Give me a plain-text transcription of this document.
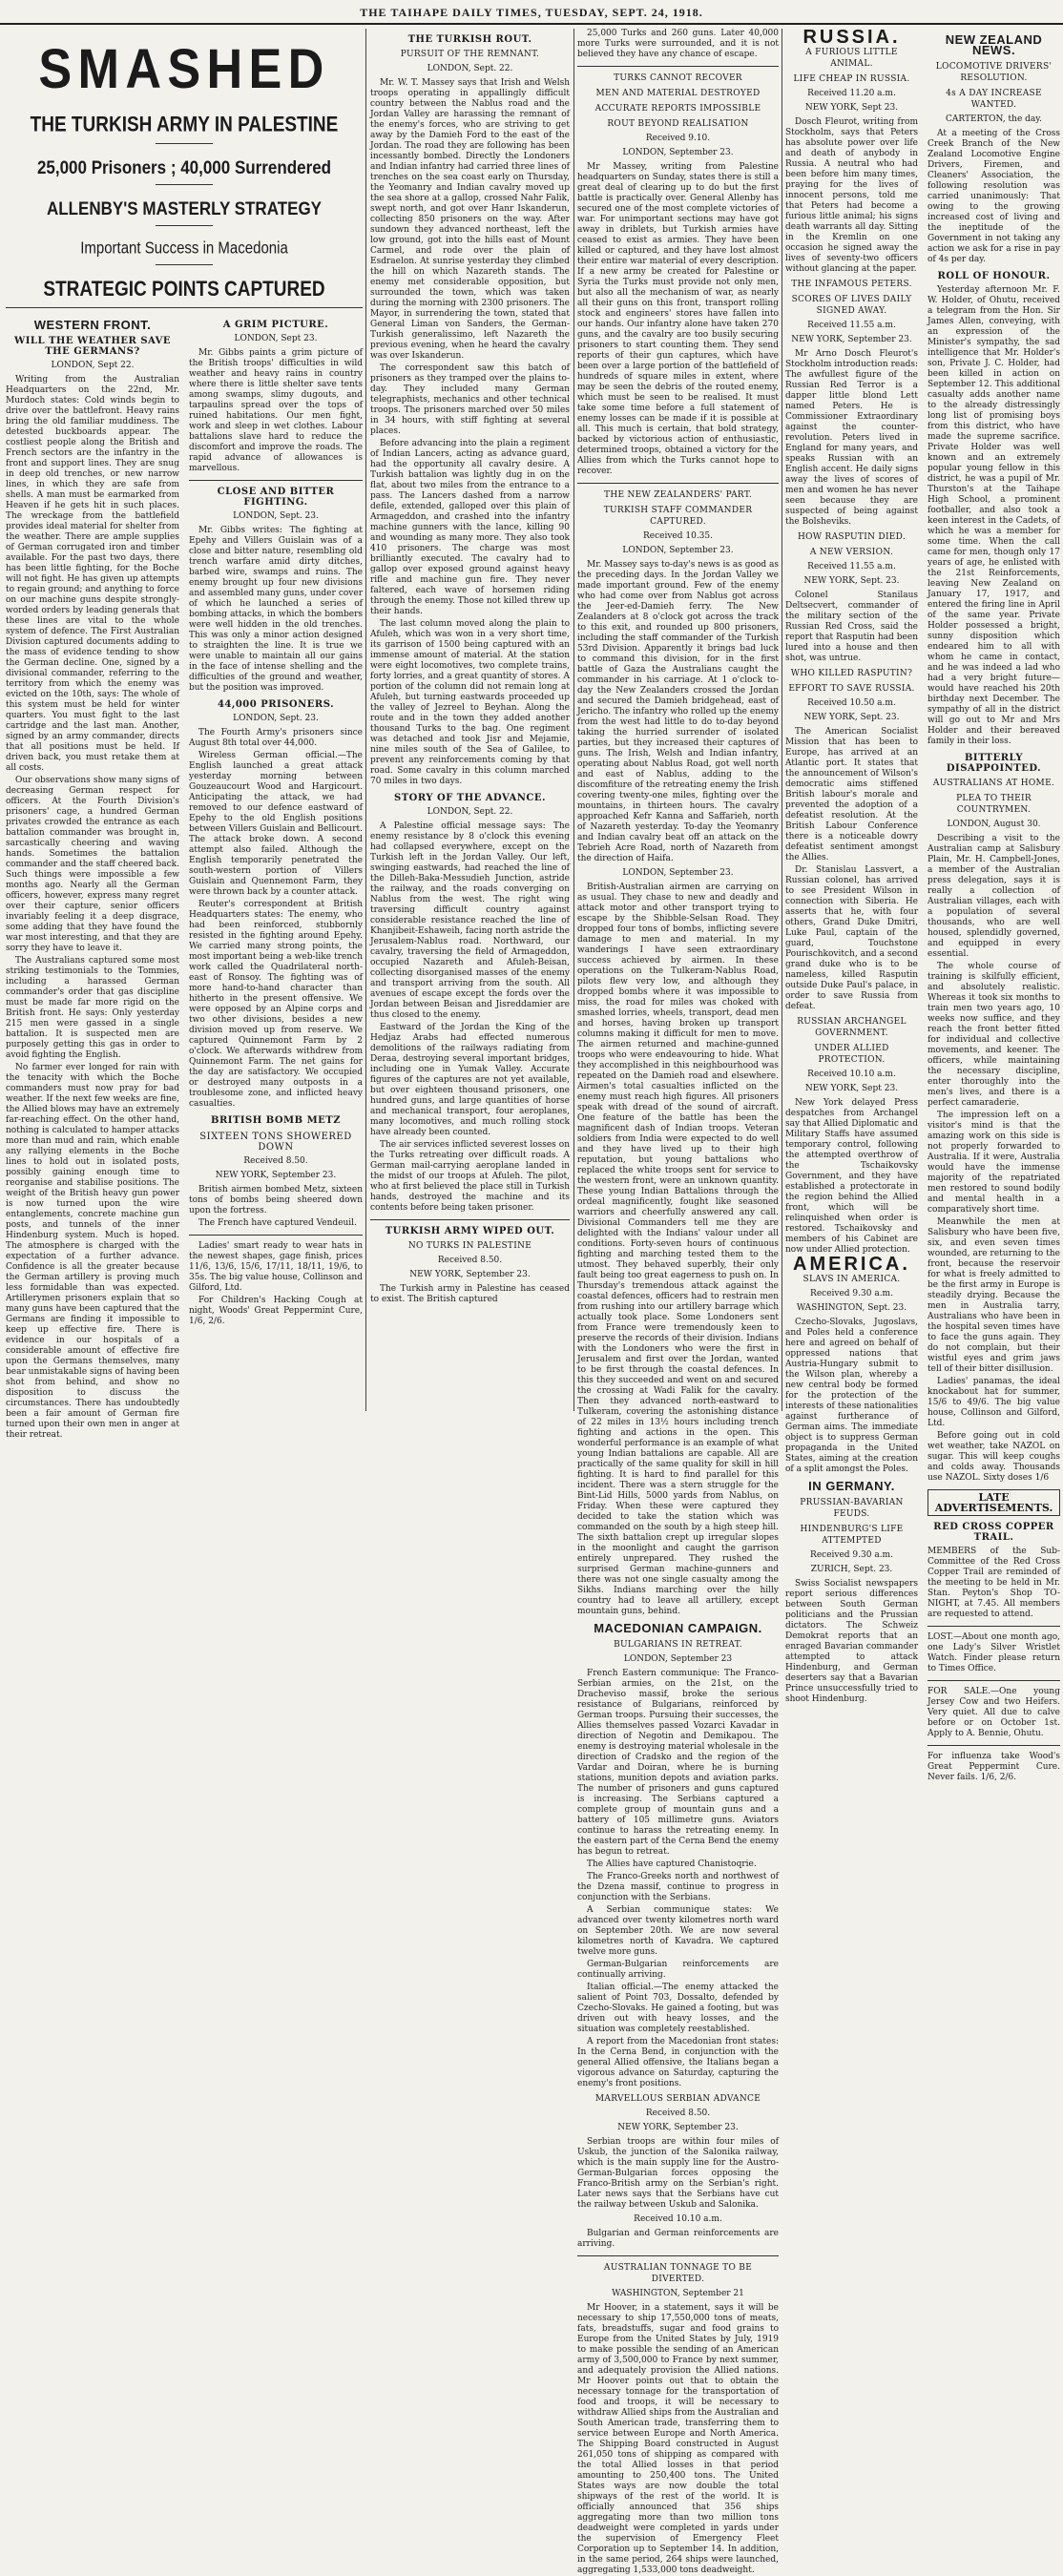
THE TAIHAPE DAILY TIMES, TUESDAY, SEPT. 24, 1918.
SMASHED
THE TURKISH ARMY IN PALESTINE
25,000 Prisoners ; 40,000 Surrendered
ALLENBY'S MASTERLY STRATEGY
Important Success in Macedonia
STRATEGIC POINTS CAPTURED
WESTERN FRONT.
WILL THE WEATHER SAVE THE GERMANS?
LONDON, Sept 22.

Writing from the Australian Headquarters on the 22nd, Mr. Murdoch states: Cold winds begin to drive over the battlefront. Heavy rains bring the old familiar muddiness. The detested buckboards appear. The costliest people along the British and French sectors are the infantry in the front and support lines. They are snug in deep old trenches, or new narrow lines, in which they are safe from shells. A man must be earmarked from Heaven if he gets hit in such places. The wreckage from the battlefield provides ideal material for shelter from the weather. There are ample supplies of German corrugated iron and timber available. For the past two days, there has been little fighting, for the Boche will not fight. He has given up attempts to regain ground; and anything to force on our machine guns despite strongly-worded orders by leading generals that these lines are vital to the whole system of defence. The First Australian Division captured documents adding to the mass of evidence tending to show the German decline. One, signed by a divisional commander, referring to the territory from which the enemy was evicted on the 10th, says: The whole of this system must be held for winter quarters. You must fight to the last cartridge and the last man. Another, signed by an army commander, directs that all positions must be held. If driven back, you must retake them at all costs.

Our observations show many signs of decreasing German respect for officers. At the Fourth Division's prisoners' cage, a hundred German privates crowded the entrance as each battalion commander was brought in, sarcastically cheering and waving hands. Sometimes the battalion commander and the staff cheered back. Such things were impossible a few months ago. Nearly all the German officers, however, express many regret over their capture, senior officers invariably feeling it a deep disgrace, some adding that they have found the war most interesting, and that they are sorry they have to leave it.

The Australians captured some most striking testimonials to the Tommies, including a harassed German commander's order that gas discipline must be made far more rigid on the British front. He says: Only yesterday 215 men were gassed in a single battalion. It is suspected men are purposely getting this gas in order to avoid fighting the English.

No farmer ever longed for rain with the tenacity with which the Boche commanders must now pray for bad weather. If the next few weeks are fine, the Allied blows may have an extremely far-reaching effect. On the other hand, nothing is calculated to hamper attacks more than mud and rain, which enable any rallying elements in the Boche lines to hold out in isolated posts, possibly gaining enough time to reorganise and stabilise positions. The weight of the British heavy gun power is now turned upon the wire entanglements, concrete machine gun posts, and tunnels of the inner Hindenburg system. Much is hoped. The atmosphere is charged with the expectation of a further advance. Confidence is all the greater because the German artillery is proving much less formidable than was expected. Artillerymen prisoners explain that so many guns have been captured that the Germans are finding it impossible to keep up effective fire. There is evidence in our hospitals of a considerable amount of effective fire upon the Germans themselves, many bear unmistakable signs of having been shot from behind, and show no disposition to discuss the circumstances. There has undoubtedly been a fair amount of German fire turned upon their own men in anger at their retreat.

A GRIM PICTURE.
LONDON, Sept 23.

Mr. Gibbs paints a grim picture of the British troops' difficulties in wild weather and heavy rains in country where there is little shelter save tents among swamps, slimy dugouts, and tarpaulins spread over the tops of ruined habitations. Our men fight, work and sleep in wet clothes. Labour battalions slave hard to reduce the discomfort and improve the roads. The rapid advance of allowances is marvellous.

CLOSE AND BITTER FIGHTING.
LONDON, Sept. 23.

Mr. Gibbs writes: The fighting at Epehy and Villers Guislain was of a close and bitter nature, resembling old trench warfare amid dirty ditches, barbed wire, swamps and ruins. The enemy brought up four new divisions and assembled many guns, under cover of which he launched a series of bombing attacks, in which the bombers were well hidden in the old trenches. This was only a minor action designed to straighten the line. It is true we were unable to maintain all our gains in the face of intense shelling and the difficulties of the ground and weather, but the position was improved.

44,000 PRISONERS.
LONDON, Sept. 23.

The Fourth Army's prisoners since August 8th total over 44,000.

Wireless German official.—The English launched a great attack yesterday morning between Gouzeaucourt Wood and Hargicourt. Anticipating the attack, we had removed to our defence eastward of Epehy to the old English positions between Villers Guislain and Bellicourt. The attack broke down. A second attempt also failed. Although the English temporarily penetrated the south-western portion of Villers Guislain and Quennemont Farm, they were thrown back by a counter attack.

Reuter's correspondent at British Headquarters states: The enemy, who had been reinforced, stubbornly resisted in the fighting around Epehy. We carried many strong points, the most important being a web-like trench work called the Quadrilateral north-east of Ronsoy. The fighting was of more hand-to-hand character than hitherto in the present offensive. We were opposed by an Alpine corps and two other divisions, besides a new division moved up from reserve. We captured Quinnemont Farm by 2 o'clock. We afterwards withdrew from Quinnemont Farm. The net gains for the day are satisfactory. We occupied or destroyed many outposts in a troublesome zone, and inflicted heavy casualties.

BRITISH BOMB METZ
SIXTEEN TONS SHOWERED DOWN
Received 8.50.
NEW YORK, September 23.

British airmen bombed Metz, sixteen tons of bombs being sheered down upon the fortress.

The French have captured Vendeuil.

Ladies' smart ready to wear hats in the newest shapes, gage finish, prices 11/6, 13/6, 15/6, 17/11, 18/11, 19/6, to 35s. The big value house, Collinson and Gilford, Ltd.

For Children's Hacking Cough at night, Woods' Great Peppermint Cure, 1/6, 2/6.

THE TURKISH ROUT.
PURSUIT OF THE REMNANT.
LONDON, Sept. 22.

Mr. W. T. Massey says that Irish and Welsh troops operating in appallingly difficult country between the Nablus road and the Jordan Valley are harassing the remnant of the enemy's forces, who are striving to get away by the Damieh Ford to the east of the Jordan. The road they are following has been incessantly bombed. Directly the Londoners and Indian infantry had carried three lines of trenches on the sea coast early on Thursday, the Yeomanry and Indian cavalry moved up the sea shore at a gallop, crossed Nahr Falik, swept north, and got over Hanr Iskanderun, collecting 850 prisoners on the way. After sundown they advanced northeast, left the low ground, got into the hills east of Mount Carmel, and rode over the plain of Esdraelon. At sunrise yesterday they climbed the hill on which Nazareth stands. The enemy met considerable opposition, but surrounded the town, which was taken during the morning with 2300 prisoners. The Mayor, in surrendering the town, stated that General Liman von Sanders, the German-Turkish generalissimo, left Nazareth the previous evening, when he heard the cavalry was over Iskanderun.

The correspondent saw this batch of prisoners as they tramped over the plains to-day. They included many German telegraphists, mechanics and other technical troops. The prisoners marched over 50 miles in 34 hours, with stiff fighting at several places.

Before advancing into the plain a regiment of Indian Lancers, acting as advance guard, had the opportunity all cavalry desire. A Turkish battalion was lightly dug in on the flat, about two miles from the entrance to a pass. The Lancers dashed from a narrow defile, extended, galloped over this plain of Armageddon, and crashed into the infantry machine gunners with the lance, killing 90 and wounding as many more. They also took 410 prisoners. The charge was most brilliantly executed. The cavalry had to gallop over exposed ground against heavy rifle and machine gun fire. They never faltered, each wave of horsemen riding through the enemy. Those not killed threw up their hands.

The last column moved along the plain to Afuleh, which was won in a very short time, its garrison of 1500 being captured with an immense amount of material. At the station were eight locomotives, two complete trains, forty lorries, and a great quantity of stores. A portion of the column did not remain long at Afuleh, but turning eastwards proceeded up the valley of Jezreel to Beyhan. Along the route and in the town they added another thousand Turks to the bag. One regiment was detached and took Jisr and Mejamie, nine miles south of the Sea of Galilee, to prevent any reinforcements coming by that road. Some cavalry in this column marched 70 miles in two days.

STORY OF THE ADVANCE.
LONDON, Sept. 22.

A Palestine official message says: The enemy resistance by 8 o'clock this evening had collapsed everywhere, except on the Turkish left in the Jordan Valley. Our left, swinging eastwards, had reached the line of the Dilleh-Baka-Messudieh Junction, astride the railway, and the roads converging on Nablus from the west. The right wing traversing difficult country against considerable resistance reached the line of Khanjibeit-Eshaweih, facing north astride the Jerusalem-Nablus road. Northward, our cavalry, traversing the field of Armageddon, occupied Nazareth and Afuleh-Beisan, collecting disorganised masses of the enemy and transport arriving from the south. All avenues of escape except the fords over the Jordan between Beisan and Jisreddamier are thus closed to the enemy.

Eastward of the Jordan the King of the Hedjaz Arabs had effected numerous demolitions of the railways radiating from Deraa, destroying several important bridges, including one in Yumak Valley. Accurate figures of the captures are not yet available, but over eighteen thousand prisoners, one hundred guns, and large quantities of horse and mechanical transport, four aeroplanes, many locomotives, and much rolling stock have already been counted.

The air services inflicted severest losses on the Turks retreating over difficult roads. A German mail-carrying aeroplane landed in the midst of our troops at Afuleh. The pilot, who at first believed the place still in Turkish hands, destroyed the machine and its contents before being taken prisoner.

TURKISH ARMY WIPED OUT.
NO TURKS IN PALESTINE
Received 8.50.
NEW YORK, September 23.

The Turkish army in Palestine has ceased to exist. The British captured

25,000 Turks and 260 guns. Later 40,000 more Turks were surrounded, and it is not believed they have any chance of escape.

TURKS CANNOT RECOVER
MEN AND MATERIAL DESTROYED
ACCURATE REPORTS IMPOSSIBLE
ROUT BEYOND REALISATION
Received 9.10.
LONDON, September 23.

Mr Massey, writing from Palestine headquarters on Sunday, states there is still a great deal of clearing up to do but the first battle is practically over. General Allenby has secured one of the most complete victories of war. For unimportant sections may have got away in driblets, but Turkish armies have ceased to exist as armies. They have been killed or captured, and they have lost almost their entire war material of every description. If a new army be created for Palestine or Syria the Turks must provide not only men, but also all the mechanism of war, as nearly all their guns on this front, transport rolling stock and engineers' stores have fallen into our hands. Our infantry alone have taken 270 guns, and the cavalry are too busily securing prisoners to start counting them. They send reports of their gun captures, which have been over a large portion of the battlefield of hundreds of square miles in extent, where may be seen the debris of the routed enemy, which must be seen to be realised. It must take some time before a full statement of enemy losses can be made if it is possible at all. This much is certain, that bold strategy, backed by victorious action of enthusiastic, determined troops, obtained a victory for the Allies from which the Turks cannot hope to recover.

THE NEW ZEALANDERS' PART.
TURKISH STAFF COMMANDER CAPTURED.
Received 10.35.
LONDON, September 23.

Mr. Massey says to-day's news is as good as the preceding days. In the Jordan Valley we made important ground. Few of the enemy who had come over from Nablus got across the Jeer-ed-Damieh ferry. The New Zealanders at 8 o'clock got across the track to this exit, and rounded up 800 prisoners, including the staff commander of the Turkish 53rd Division. Apparently it brings bad luck to command this division, for in the first battle of Gaza the Australians caught the commander in his carriage. At 1 o'clock to-day the New Zealanders crossed the Jordan and secured the Damieh bridgehead, east of Jericho. The infantry who rolled up the enemy from the west had little to do to-day beyond taking the hurried surrender of isolated parties, but they increased their captures of guns. The Irish, Welsh and Indian infantry, operating about Nablus Road, got well north and east of Nablus, adding to the discomfiture of the retreating enemy the Irish covering twenty-one miles, fighting over the mountains, in thirteen hours. The cavalry approached Kefr Kanna and Saffarieh, north of Nazareth yesterday. To-day the Yeomanry and Indian cavalry beat off an attack on the Tebrieh Acre Road, north of Nazareth from the direction of Haifa.

LONDON, September 23.

British-Australian airmen are carrying on as usual. They chase to new and deadly and attack motor and other transport trying to escape by the Shibble-Selsan Road. They dropped four tons of bombs, inflicting severe damage to men and material. In my wanderings I have seen extraordinary success achieved by airmen. In these operations on the Tulkeram-Nablus Road, pilots flew very low, and although they dropped bombs where it was impossible to miss, the road for miles was choked with smashed lorries, wheels, transport, dead men and horses, having broken up transport columns making it difficult for men to move. The airmen returned and machine-gunned troops who were endeavouring to hide. What they accomplished in this neighbourhood was repeated on the Damieh road and elsewhere. Airmen's total casualties inflicted on the enemy must reach high figures. All prisoners speak with dread of the sound of aircraft. One feature of the battle has been the magnificent dash of Indian troops. Veteran soldiers from India were expected to do well and they have lived up to their high reputation, but young battalions who replaced the white troops sent for service to the western front, were an unknown quantity. These young Indian Battalions through the ordeal magnificently, fought like seasoned warriors and cheerfully answered any call. Divisional Commanders tell me they are delighted with the Indians' valour under all conditions. Forty-seven hours of continuous fighting and marching tested them to the utmost. They behaved superbly, their only fault being too great eagerness to push on. In Thursday's tremendous attack against the coastal defences, officers had to restrain men from rushing into our artillery barrage which actually took place. Some Londoners sent from France were tremendously keen to preserve the records of their division. Indians with the Londoners who were the first in Jerusalem and first over the Jordan, wanted to be first through the coastal defences. In this they succeeded and went on and secured the crossing at Wadi Falik for the cavalry. Then they advanced north-eastward to Tulkeram, covering the astonishing distance of 22 miles in 13½ hours including trench fighting and actions in the open. This wonderful performance is an example of what young Indian battalions are capable. All are practically of the same quality for skill in hill fighting. It is hard to find parallel for this incident. There was a stern struggle for the Bint-Lid Hills, 5000 yards from Nablus, on Friday. When these were captured they decided to take the station which was commanded on the south by a high steep hill. The sixth battalion crept up irregular slopes in the moonlight and caught the garrison entirely unprepared. They rushed the surprised German machine-gunners and there was not one single casualty among the Sikhs. Indians marching over the hilly country had to leave all artillery, except mountain guns, behind.

MACEDONIAN CAMPAIGN.
BULGARIANS IN RETREAT.
LONDON, September 23

French Eastern communique: The Franco-Serbian armies, on the 21st, on the Dracheviso massif, broke the serious resistance of Bulgarians, reinforced by German troops. Pursuing their successes, the Allies themselves passed Vozarci Kavadar in direction of Negotin and Demikapou. The enemy is destroying material wholesale in the direction of Cradsko and the region of the Vardar and Doiran, where he is burning stations, munition depots and aviation parks. The number of prisoners and guns captured is increasing. The Serbians captured a complete group of mountain guns and a battery of 105 millimetre guns. Aviators continue to harass the retreating enemy. In the eastern part of the Cerna Bend the enemy has begun to retreat.

The Allies have captured Chanistoqrie.

The Franco-Greeks north and northwest of the Dzena massif, continue to progress in conjunction with the Serbians.

A Serbian communique states: We advanced over twenty kilometres north ward on September 20th. We are now several kilometres north of Kavadra. We captured twelve more guns.

German-Bulgarian reinforcements are continually arriving.

Italian official.—The enemy attacked the salient of Point 703, Dossalto, defended by Czecho-Slovaks. He gained a footing, but was driven out with heavy losses, and the situation was completely reestablished.

A report from the Macedonian front states: In the Cerna Bend, in conjunction with the general Allied offensive, the Italians began a vigorous advance on Saturday, capturing the enemy's front positions.

MARVELLOUS SERBIAN ADVANCE
Received 8.50.
NEW YORK, September 23.

Serbian troops are within four miles of Uskub, the junction of the Salonika railway, which is the main supply line for the Austro-German-Bulgarian forces opposing the Franco-British army on the Serbian's right. Later news says that the Serbians have cut the railway between Uskub and Salonika.

Received 10.10 a.m.

Bulgarian and German reinforcements are arriving.

AUSTRALIAN TONNAGE TO BE DIVERTED.
WASHINGTON, September 21

Mr Hoover, in a statement, says it will be necessary to ship 17,550,000 tons of meats, fats, breadstuffs, sugar and food grains to Europe from the United States by July, 1919 to make possible the sending of an American army of 3,500,000 to France by next summer, and adequately provision the Allied nations. Mr Hoover points out that to obtain the necessary tonnage for the transportation of food and troops, it will be necessary to withdraw Allied ships from the Australian and South American trade, transferring them to service between Europe and North America. The Shipping Board constructed in August 261,050 tons of shipping as compared with the total Allied losses in that period amounting to 250,400 tons. The United States ways are now double the total shipways of the rest of the world. It is officially announced that 356 ships aggregating more than two million tons deadweight were completed in yards under the supervision of Emergency Fleet Corporation up to September 14. In addition, in the same period, 264 ships were launched, aggregating 1,533,000 tons deadweight.

RUSSIA.
A FURIOUS LITTLE ANIMAL.
LIFE CHEAP IN RUSSIA.
Received 11.20 a.m.
NEW YORK, Sept 23.

Dosch Fleurot, writing from Stockholm, says that Peters has absolute power over life and death of anybody in Russia. A neutral who had been before him many times, praying for the lives of innocent persons, told me that Peters had become a furious little animal; his signs death warrants all day. Sitting in the Kremlin on one occasion he signed away the lives of seventy-two officers without glancing at the paper.

THE INFAMOUS PETERS.
SCORES OF LIVES DAILY SIGNED AWAY.
Received 11.55 a.m.
NEW YORK, September 23.

Mr Arno Dosch Fleurot's Stockholm introduction reads: The awfullest figure of the Russian Red Terror is a dapper little blond Lett named Peters. He is Commissioner Extraordinary against the counter-revolution. Peters lived in England for many years, and speaks Russian with an English accent. He daily signs away the lives of scores of men and women he has never seen because they are suspected of being against the Bolsheviks.

HOW RASPUTIN DIED.
A NEW VERSION.
Received 11.55 a.m.
NEW YORK, Sept. 23.

Colonel Stanilaus Deltsecvert, commander of the military section of the Russian Red Cross, said the report that Rasputin had been lured into a house and then shot, was untrue.

WHO KILLED RASPUTIN?
EFFORT TO SAVE RUSSIA.
Received 10.50 a.m.
NEW YORK, Sept. 23.

The American Socialist Mission that has been to Europe, has arrived at an Atlantic port. It states that the announcement of Wilson's democratic aims stiffened British labour's morale and prevented the adoption of a defeatist resolution. At the British Labour Conference there is a noticeable dowry defeatist sentiment amongst the Allies.

Dr. Stanislau Lassvert, a Russian colonel, has arrived to see President Wilson in connection with Siberia. He asserts that he, with four others, Grand Duke Dmitri, Luke Paul, captain of the guard, Touchstone Pourischkovitch, and a second grand duke who is to be nameless, killed Rasputin outside Duke Paul's palace, in order to save Russia from defeat.

RUSSIAN ARCHANGEL GOVERNMENT.
UNDER ALLIED PROTECTION.
Received 10.10 a.m.
NEW YORK, Sept 23.

New York delayed Press despatches from Archangel say that Allied Diplomatic and Military Staffs have assumed temporary control, following the attempted overthrow of the Tschaikovsky Government, and they have established a protectorate in the region behind the Allied front, which will be relinquished when order is restored. Tschaikovsky and members of his Cabinet are now under Allied protection.

AMERICA.
SLAVS IN AMERICA.
Received 9.30 a.m.
WASHINGTON, Sept. 23.

Czecho-Slovaks, Jugoslavs, and Poles held a conference here and agreed on behalf of oppressed nations that Austria-Hungary submit to the Wilson plan, whereby a new central body be formed for the protection of the interests of these nationalities against furtherance of German aims. The immediate object is to suppress German propaganda in the United States, aiming at the creation of a split amongst the Poles.

IN GERMANY.
PRUSSIAN-BAVARIAN FEUDS.
HINDENBURG'S LIFE ATTEMPTED
Received 9.30 a.m.
ZURICH, Sept. 23.

Swiss Socialist newspapers report serious differences between South German politicians and the Prussian dictators. The Schweiz Demokrat reports that an enraged Bavarian commander attempted to attack Hindenburg, and German deserters say that a Bavarian Prince unsuccessfully tried to shoot Hindenburg.

NEW ZEALAND NEWS.
LOCOMOTIVE DRIVERS' RESOLUTION.
4s A DAY INCREASE WANTED.
CARTERTON, the day.

At a meeting of the Cross Creek Branch of the New Zealand Locomotive Engine Drivers, Firemen, and Cleaners' Association, the following resolution was carried unanimously: That owing to the growing increased cost of living and the ineptitude of the Government in not taking any action we ask for a rise in pay of 4s per day.

ROLL OF HONOUR.

Yesterday afternoon Mr. F. W. Holder, of Ohutu, received a telegram from the Hon. Sir James Allen, conveying, with an expression of the Minister's sympathy, the sad intelligence that Mr. Holder's son, Private J. C. Holder, had been killed in action on September 12. This additional casualty adds another name to the already distressingly long list of promising boys from this district, who have made the supreme sacrifice. Private Holder was well known and an extremely popular young fellow in this district, he was a pupil of Mr. Thurston's at the Taihape High School, a prominent footballer, and also took a keen interest in the Cadets, of which he was a member for some time. When the call came for men, though only 17 years of age, he enlisted with the 21st Reinforcements, leaving New Zealand on January 17, 1917, and entered the firing line in April of the same year. Private Holder possessed a bright, sunny disposition which endeared him to all with whom he came in contact, and he was indeed a lad who had a very bright future—would have reached his 20th birthday next December. The sympathy of all in the district will go out to Mr and Mrs Holder and their bereaved family in their loss.

BITTERLY DISAPPOINTED.
AUSTRALIANS AT HOME.
PLEA TO THEIR COUNTRYMEN.
LONDON, August 30.

Describing a visit to the Australian camp at Salisbury Plain, Mr. H. Campbell-Jones, a member of the Australian press delegation, says it is really a collection of Australian villages, each with a population of several thousands, who are well housed, splendidly governed, and equipped in every essential.

The whole course of training is skilfully efficient, and absolutely realistic. Whereas it took six months to train men two years ago, 10 weeks now suffice, and they reach the front better fitted for individual and collective movements, and keener. The officers, while maintaining the necessary discipline, enter thoroughly into the men's lives, and there is a perfect camaraderie.

The impression left on a visitor's mind is that the amazing work on this side is not properly forwarded to Australia. If it were, Australia would have the immense majority of the repatriated men restored to sound bodily and mental health in a comparatively short time.

Meanwhile the men at Salisbury who have been five, six, and even seven times wounded, are returning to the front, because the reservoir for what is freely admitted to be the first army in Europe is steadily drying. Because the men in Australia tarry, Australians who have been in the hospital seven times have to face the guns again. They do not complain, but their wistful eyes and grim jaws tell of their bitter disillusion.

Ladies' panamas, the ideal knockabout hat for summer, 15/6 to 49/6. The big value house, Collinson and Gilford, Ltd.

Before going out in cold wet weather, take NAZOL on sugar. This will keep coughs and colds away. Thousands use NAZOL. Sixty doses 1/6

LATE ADVERTISEMENTS.
RED CROSS COPPER TRAIL.

MEMBERS of the Sub-Committee of the Red Cross Copper Trail are reminded of the meeting to be held in Mr. Stan. Peyton's Shop TO-NIGHT, at 7.45. All members are requested to attend.

LOST.—About one month ago, one Lady's Silver Wristlet Watch. Finder please return to Times Office.

FOR SALE.—One young Jersey Cow and two Heifers. Very quiet. All due to calve before or on October 1st. Apply to A. Bennie, Ohutu.

For influenza take Wood's Great Peppermint Cure. Never fails. 1/6, 2/6.
